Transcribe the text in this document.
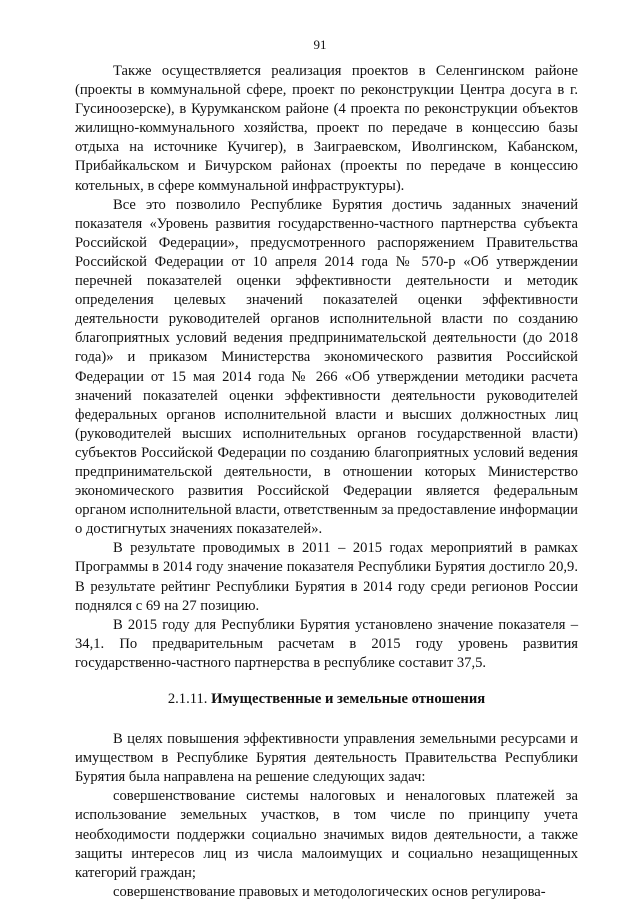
91

Также осуществляется реализация проектов в Селенгинском районе (проекты в коммунальной сфере, проект по реконструкции Центра досуга в г. Гусиноозерске), в Курумканском районе (4 проекта по реконструкции объектов жилищно-коммунального хозяйства, проект по передаче в концессию базы отдыха на источнике Кучигер), в Заиграевском, Иволгинском, Кабанском, Прибайкальском и Бичурском районах (проекты по передаче в концессию котельных, в сфере коммунальной инфраструктуры).

Все это позволило Республике Бурятия достичь заданных значений показателя «Уровень развития государственно-частного партнерства субъекта Российской Федерации», предусмотренного распоряжением Правительства Российской Федерации от 10 апреля 2014 года № 570-р «Об утверждении перечней показателей оценки эффективности деятельности и методик определения целевых значений показателей оценки эффективности деятельности руководителей органов исполнительной власти по созданию благоприятных условий ведения предпринимательской деятельности (до 2018 года)» и приказом Министерства экономического развития Российской Федерации от 15 мая 2014 года № 266 «Об утверждении методики расчета значений показателей оценки эффективности деятельности руководителей федеральных органов исполнительной власти и высших должностных лиц (руководителей высших исполнительных органов государственной власти) субъектов Российской Федерации по созданию благоприятных условий ведения предпринимательской деятельности, в отношении которых Министерство экономического развития Российской Федерации является федеральным органом исполнительной власти, ответственным за предоставление информации о достигнутых значениях показателей».

В результате проводимых в 2011 – 2015 годах мероприятий в рамках Программы в 2014 году значение показателя Республики Бурятия достигло 20,9. В результате рейтинг Республики Бурятия в 2014 году среди регионов России поднялся с 69 на 27 позицию.

В 2015 году для Республики Бурятия установлено значение показателя – 34,1. По предварительным расчетам в 2015 году уровень развития государственно-частного партнерства в республике составит 37,5.

2.1.11. Имущественные и земельные отношения

В целях повышения эффективности управления земельными ресурсами и имуществом в Республике Бурятия деятельность Правительства Республики Бурятия была направлена на решение следующих задач:

совершенствование системы налоговых и неналоговых платежей за использование земельных участков, в том числе по принципу учета необходимости поддержки социально значимых видов деятельности, а также защиты интересов лиц из числа малоимущих и социально незащищенных категорий граждан;

совершенствование правовых и методологических основ регулирова-
